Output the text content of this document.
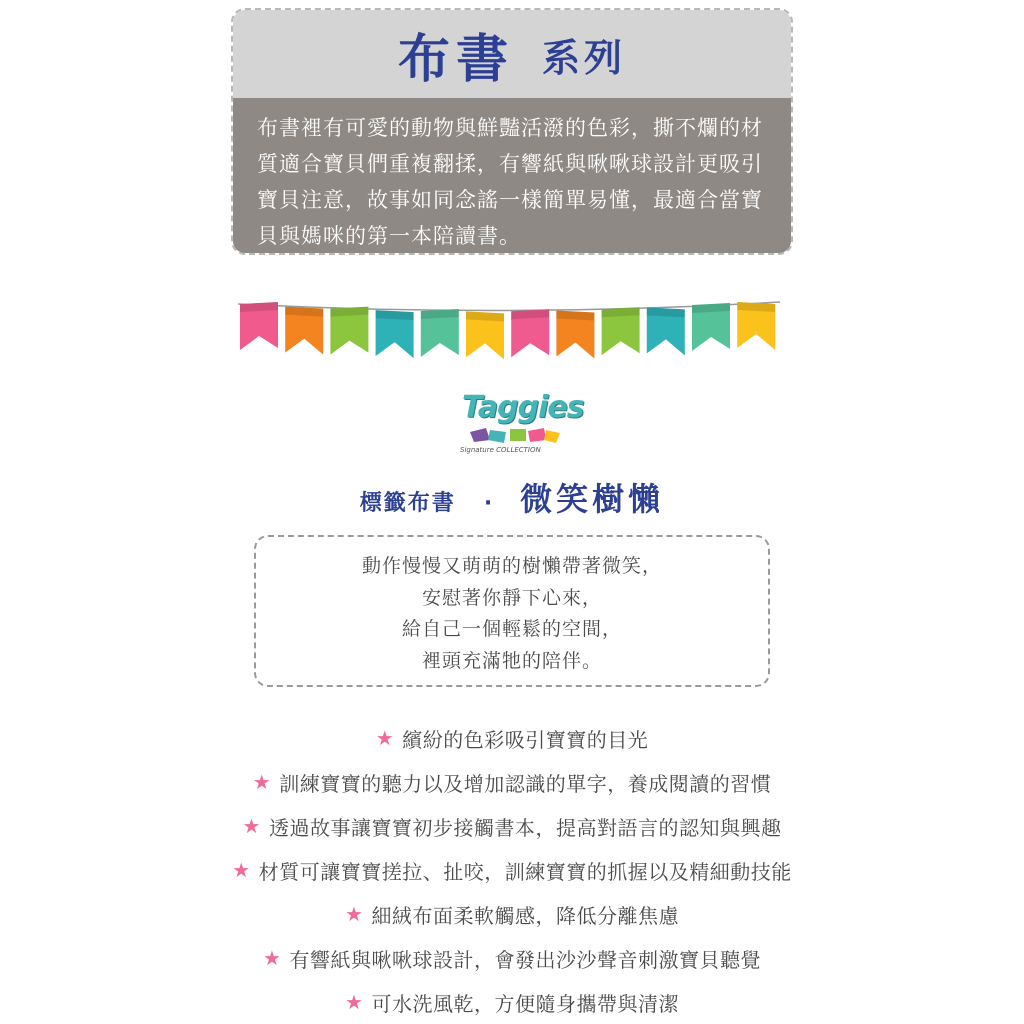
布書 系列
布書裡有可愛的動物與鮮豔活潑的色彩，撕不爛的材
質適合寶貝們重複翻揉，有響紙與啾啾球設計更吸引
寶貝注意，故事如同念謠一樣簡單易懂，最適合當寶
貝與媽咪的第一本陪讀書。
Taggies
Signature COLLECTION
標籤布書 · 微笑樹懶
動作慢慢又萌萌的樹懶帶著微笑，
安慰著你靜下心來，
給自己一個輕鬆的空間，
裡頭充滿牠的陪伴。
★ 繽紛的色彩吸引寶寶的目光
★ 訓練寶寶的聽力以及增加認識的單字，養成閱讀的習慣
★ 透過故事讓寶寶初步接觸書本，提高對語言的認知與興趣
★ 材質可讓寶寶搓拉、扯咬，訓練寶寶的抓握以及精細動技能
★ 細絨布面柔軟觸感，降低分離焦慮
★ 有響紙與啾啾球設計，會發出沙沙聲音刺激寶貝聽覺
★ 可水洗風乾，方便隨身攜帶與清潔
